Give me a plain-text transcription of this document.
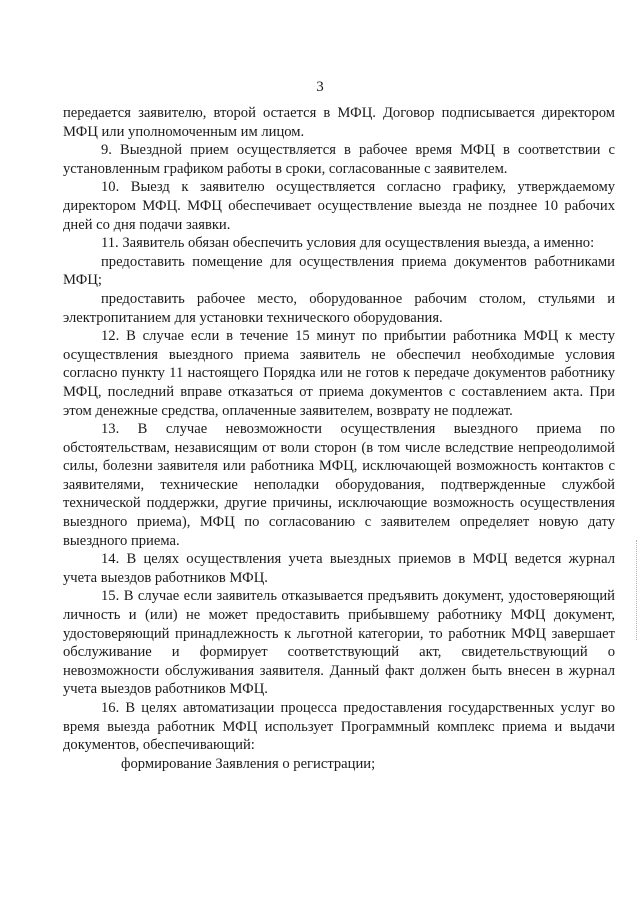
3

передается заявителю, второй остается в МФЦ. Договор подписывается директором МФЦ или уполномоченным им лицом.

9. Выездной прием осуществляется в рабочее время МФЦ в соответствии с установленным графиком работы в сроки, согласованные с заявителем.

10. Выезд к заявителю осуществляется согласно графику, утверждаемому директором МФЦ. МФЦ обеспечивает осуществление выезда не позднее 10 рабочих дней со дня подачи заявки.

11. Заявитель обязан обеспечить условия для осуществления выезда, а именно:

предоставить помещение для осуществления приема документов работниками МФЦ;

предоставить рабочее место, оборудованное рабочим столом, стульями и электропитанием для установки технического оборудования.

12. В случае если в течение 15 минут по прибытии работника МФЦ к месту осуществления выездного приема заявитель не обеспечил необходимые условия согласно пункту 11 настоящего Порядка или не готов к передаче документов работнику МФЦ, последний вправе отказаться от приема документов с составлением акта. При этом денежные средства, оплаченные заявителем, возврату не подлежат.

13. В случае невозможности осуществления выездного приема по обстоятельствам, независящим от воли сторон (в том числе вследствие непреодолимой силы, болезни заявителя или работника МФЦ, исключающей возможность контактов с заявителями, технические неполадки оборудования, подтвержденные службой технической поддержки, другие причины, исключающие возможность осуществления выездного приема), МФЦ по согласованию с заявителем определяет новую дату выездного приема.

14. В целях осуществления учета выездных приемов в МФЦ ведется журнал учета выездов работников МФЦ.

15. В случае если заявитель отказывается предъявить документ, удостоверяющий личность и (или) не может предоставить прибывшему работнику МФЦ документ, удостоверяющий принадлежность к льготной категории, то работник МФЦ завершает обслуживание и формирует соответствующий акт, свидетельствующий о невозможности обслуживания заявителя. Данный факт должен быть внесен в журнал учета выездов работников МФЦ.

16. В целях автоматизации процесса предоставления государственных услуг во время выезда работник МФЦ использует Программный комплекс приема и выдачи документов, обеспечивающий:

формирование Заявления о регистрации;
